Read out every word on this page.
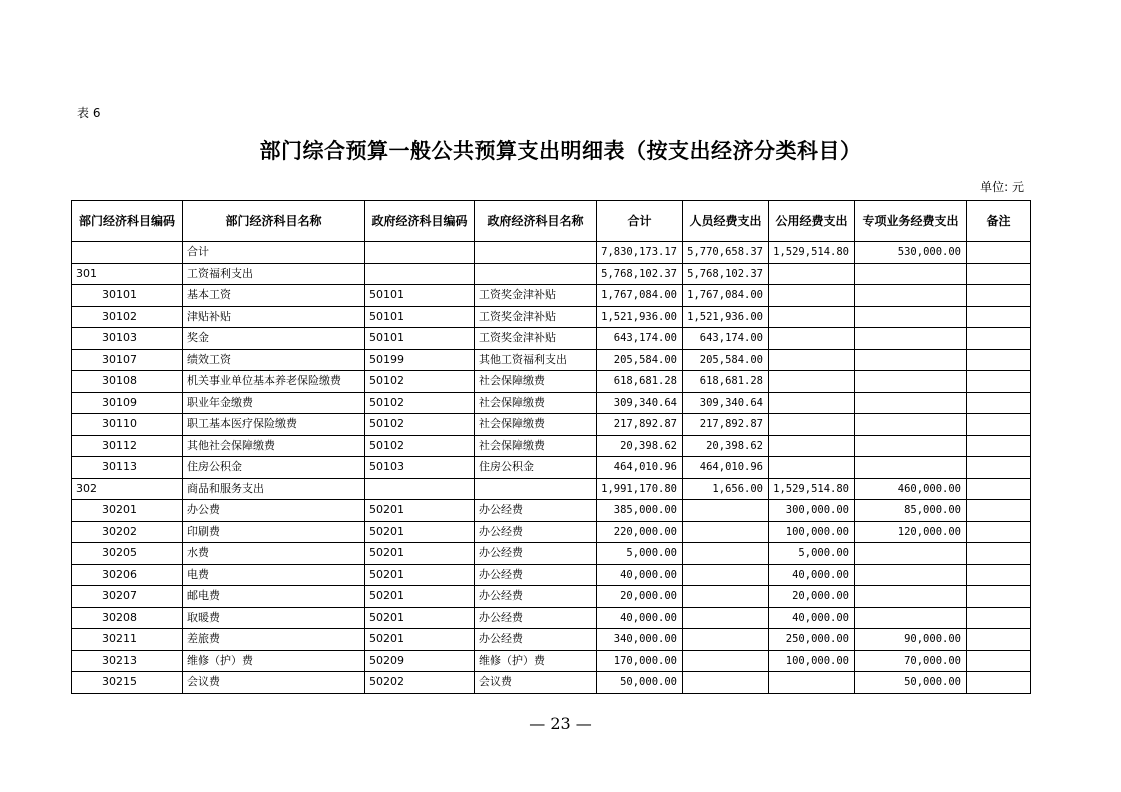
表 6
部门综合预算一般公共预算支出明细表（按支出经济分类科目）
单位: 元
部门经济科目编码	部门经济科目名称	政府经济科目编码	政府经济科目名称	合计	人员经费支出	公用经费支出	专项业务经费支出	备注
	合计			7,830,173.17	5,770,658.37	1,529,514.80	530,000.00	
301	工资福利支出			5,768,102.37	5,768,102.37			
30101	基本工资	50101	工资奖金津补贴	1,767,084.00	1,767,084.00			
30102	津贴补贴	50101	工资奖金津补贴	1,521,936.00	1,521,936.00			
30103	奖金	50101	工资奖金津补贴	643,174.00	643,174.00			
30107	绩效工资	50199	其他工资福利支出	205,584.00	205,584.00			
30108	机关事业单位基本养老保险缴费	50102	社会保障缴费	618,681.28	618,681.28			
30109	职业年金缴费	50102	社会保障缴费	309,340.64	309,340.64			
30110	职工基本医疗保险缴费	50102	社会保障缴费	217,892.87	217,892.87			
30112	其他社会保障缴费	50102	社会保障缴费	20,398.62	20,398.62			
30113	住房公积金	50103	住房公积金	464,010.96	464,010.96			
302	商品和服务支出			1,991,170.80	1,656.00	1,529,514.80	460,000.00	
30201	办公费	50201	办公经费	385,000.00		300,000.00	85,000.00	
30202	印刷费	50201	办公经费	220,000.00		100,000.00	120,000.00	
30205	水费	50201	办公经费	5,000.00		5,000.00		
30206	电费	50201	办公经费	40,000.00		40,000.00		
30207	邮电费	50201	办公经费	20,000.00		20,000.00		
30208	取暖费	50201	办公经费	40,000.00		40,000.00		
30211	差旅费	50201	办公经费	340,000.00		250,000.00	90,000.00	
30213	维修（护）费	50209	维修（护）费	170,000.00		100,000.00	70,000.00	
30215	会议费	50202	会议费	50,000.00			50,000.00	
— 23 —
